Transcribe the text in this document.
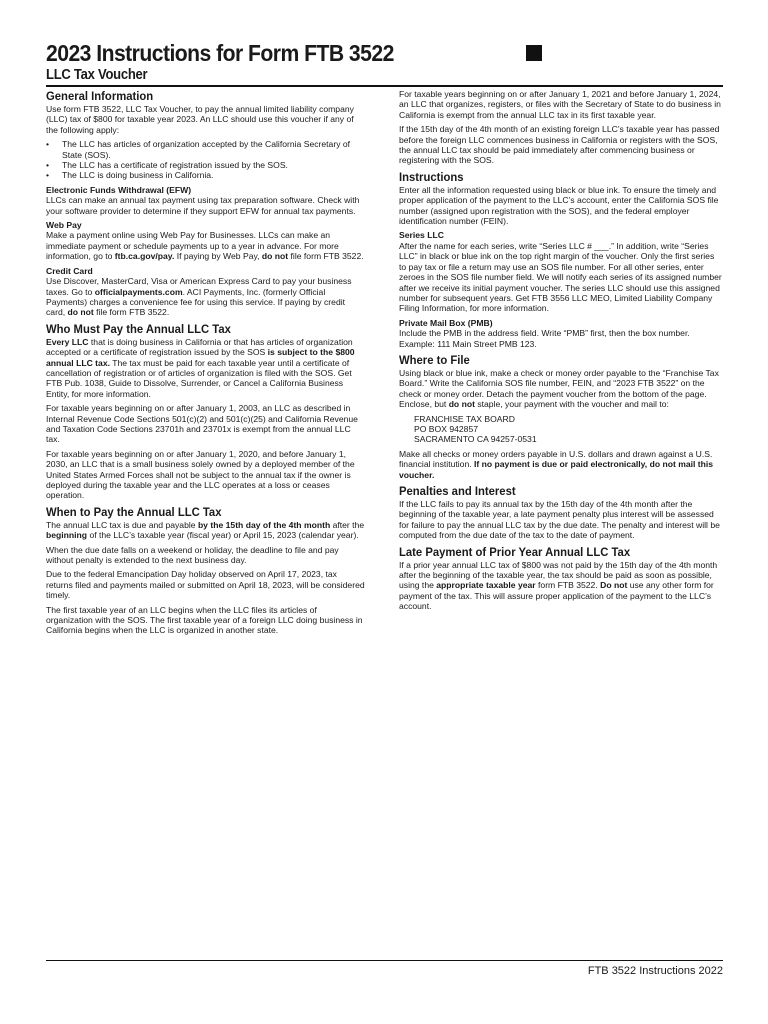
2023 Instructions for Form FTB 3522
LLC Tax Voucher
General Information

Use form FTB 3522, LLC Tax Voucher, to pay the annual limited liability company (LLC) tax of $800 for taxable year 2023. An LLC should use this voucher if any of the following apply:

• The LLC has articles of organization accepted by the California Secretary of State (SOS).
• The LLC has a certificate of registration issued by the SOS.
• The LLC is doing business in California.
Electronic Funds Withdrawal (EFW)

LLCs can make an annual tax payment using tax preparation software. Check with your software provider to determine if they support EFW for annual tax payments.

Web Pay

Make a payment online using Web Pay for Businesses. LLCs can make an immediate payment or schedule payments up to a year in advance. For more information, go to ftb.ca.gov/pay. If paying by Web Pay, do not file form FTB 3522.

Credit Card

Use Discover, MasterCard, Visa or American Express Card to pay your business taxes. Go to officialpayments.com. ACI Payments, Inc. (formerly Official Payments) charges a convenience fee for using this service. If paying by credit card, do not file form FTB 3522.

Who Must Pay the Annual LLC Tax

Every LLC that is doing business in California or that has articles of organization accepted or a certificate of registration issued by the SOS is subject to the $800 annual LLC tax. The tax must be paid for each taxable year until a certificate of cancellation of registration or of articles of organization is filed with the SOS. Get FTB Pub. 1038, Guide to Dissolve, Surrender, or Cancel a California Business Entity, for more information.

For taxable years beginning on or after January 1, 2003, an LLC as described in Internal Revenue Code Sections 501(c)(2) and 501(c)(25) and California Revenue and Taxation Code Sections 23701h and 23701x is exempt from the annual LLC tax.

For taxable years beginning on or after January 1, 2020, and before January 1, 2030, an LLC that is a small business solely owned by a deployed member of the United States Armed Forces shall not be subject to the annual tax if the owner is deployed during the taxable year and the LLC operates at a loss or ceases operation.

When to Pay the Annual LLC Tax

The annual LLC tax is due and payable by the 15th day of the 4th month after the beginning of the LLC’s taxable year (fiscal year) or April 15, 2023 (calendar year).

When the due date falls on a weekend or holiday, the deadline to file and pay without penalty is extended to the next business day.

Due to the federal Emancipation Day holiday observed on April 17, 2023, tax returns filed and payments mailed or submitted on April 18, 2023, will be considered timely.

The first taxable year of an LLC begins when the LLC files its articles of organization with the SOS. The first taxable year of a foreign LLC doing business in California begins when the LLC is organized in another state.

For taxable years beginning on or after January 1, 2021 and before January 1, 2024, an LLC that organizes, registers, or files with the Secretary of State to do business in California is exempt from the annual LLC tax in its first taxable year.

If the 15th day of the 4th month of an existing foreign LLC’s taxable year has passed before the foreign LLC commences business in California or registers with the SOS, the annual LLC tax should be paid immediately after commencing business or registering with the SOS.

Instructions

Enter all the information requested using black or blue ink. To ensure the timely and proper application of the payment to the LLC’s account, enter the California SOS file number (assigned upon registration with the SOS), and the federal employer identification number (FEIN).

Series LLC

After the name for each series, write “Series LLC # ___.” In addition, write “Series LLC” in black or blue ink on the top right margin of the voucher. Only the first series to pay tax or file a return may use an SOS file number. For all other series, enter zeroes in the SOS file number field. We will notify each series of its assigned number after we receive its initial payment voucher. The series LLC should use this assigned number for subsequent years. Get FTB 3556 LLC MEO, Limited Liability Company Filing Information, for more information.

Private Mail Box (PMB)

Include the PMB in the address field. Write “PMB” first, then the box number. Example: 111 Main Street PMB 123.

Where to File

Using black or blue ink, make a check or money order payable to the “Franchise Tax Board.” Write the California SOS file number, FEIN, and “2023 FTB 3522” on the check or money order. Detach the payment voucher from the bottom of the page. Enclose, but do not staple, your payment with the voucher and mail to:

FRANCHISE TAX BOARD
PO BOX 942857
SACRAMENTO CA 94257-0531

Make all checks or money orders payable in U.S. dollars and drawn against a U.S. financial institution. If no payment is due or paid electronically, do not mail this voucher.

Penalties and Interest

If the LLC fails to pay its annual tax by the 15th day of the 4th month after the beginning of the taxable year, a late payment penalty plus interest will be assessed for failure to pay the annual LLC tax by the due date. The penalty and interest will be computed from the due date of the tax to the date of payment.

Late Payment of Prior Year Annual LLC Tax

If a prior year annual LLC tax of $800 was not paid by the 15th day of the 4th month after the beginning of the taxable year, the tax should be paid as soon as possible, using the appropriate taxable year form FTB 3522. Do not use any other form for payment of the tax. This will assure proper application of the payment to the LLC’s account.

FTB 3522 Instructions 2022
